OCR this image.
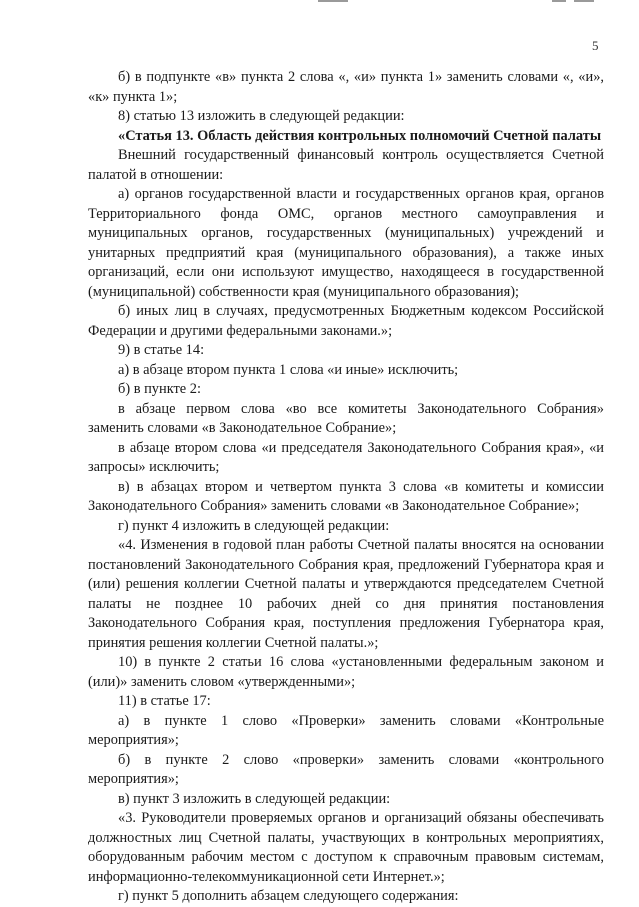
5

б) в подпункте «в» пункта 2 слова «, «и» пункта 1» заменить словами «, «и», «к» пункта 1»;

8) статью 13 изложить в следующей редакции:

«Статья 13. Область действия контрольных полномочий Счетной палаты

Внешний государственный финансовый контроль осуществляется Счетной палатой в отношении:

а) органов государственной власти и государственных органов края, органов Территориального фонда ОМС, органов местного самоуправления и муниципальных органов, государственных (муниципальных) учреждений и унитарных предприятий края (муниципального образования), а также иных организаций, если они используют имущество, находящееся в государственной (муниципальной) собственности края (муниципального образования);

б) иных лиц в случаях, предусмотренных Бюджетным кодексом Российской Федерации и другими федеральными законами.»;

9) в статье 14:

а) в абзаце втором пункта 1 слова «и иные» исключить;

б) в пункте 2:

в абзаце первом слова «во все комитеты Законодательного Собрания» заменить словами «в Законодательное Собрание»;

в абзаце втором слова «и председателя Законодательного Собрания края», «и запросы» исключить;

в) в абзацах втором и четвертом пункта 3 слова «в комитеты и комиссии Законодательного Собрания» заменить словами «в Законодательное Собрание»;

г) пункт 4 изложить в следующей редакции:

«4. Изменения в годовой план работы Счетной палаты вносятся на основании постановлений Законодательного Собрания края, предложений Губернатора края и (или) решения коллегии Счетной палаты и утверждаются председателем Счетной палаты не позднее 10 рабочих дней со дня принятия постановления Законодательного Собрания края, поступления предложения Губернатора края, принятия решения коллегии Счетной палаты.»;

10) в пункте 2 статьи 16 слова «установленными федеральным законом и (или)» заменить словом «утвержденными»;

11) в статье 17:

а) в пункте 1 слово «Проверки» заменить словами «Контрольные мероприятия»;

б) в пункте 2 слово «проверки» заменить словами «контрольного мероприятия»;

в) пункт 3 изложить в следующей редакции:

«3. Руководители проверяемых органов и организаций обязаны обеспечивать должностных лиц Счетной палаты, участвующих в контрольных мероприятиях, оборудованным рабочим местом с доступом к справочным правовым системам, информационно-телекоммуникационной сети Интернет.»;

г) пункт 5 дополнить абзацем следующего содержания:
